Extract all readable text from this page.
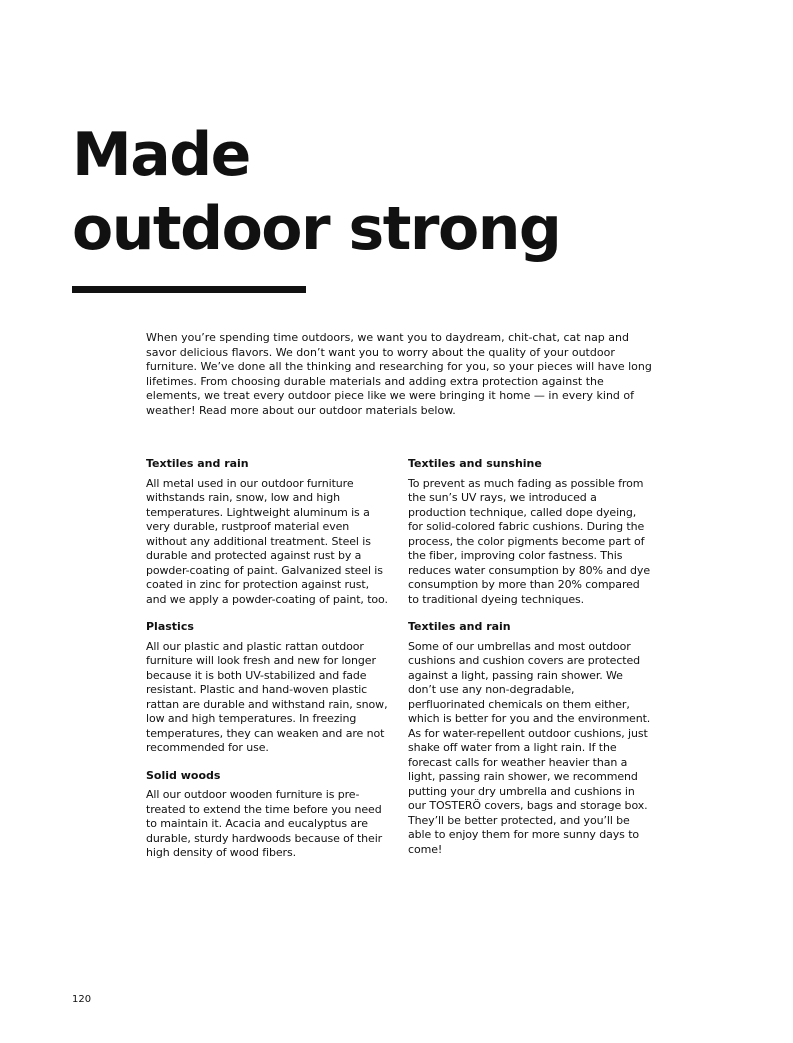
Made
outdoor strong

When you’re spending time outdoors, we want you to daydream, chit-chat, cat nap and savor delicious flavors. We don’t want you to worry about the quality of your outdoor furniture. We’ve done all the thinking and researching for you, so your pieces will have long lifetimes. From choosing durable materials and adding extra protection against the elements, we treat every outdoor piece like we were bringing it home — in every kind of weather! Read more about our outdoor materials below.

Textiles and rain

All metal used in our outdoor furniture withstands rain, snow, low and high temperatures. Lightweight aluminum is a very durable, rustproof material even without any additional treatment. Steel is durable and protected against rust by a powder-coating of paint. Galvanized steel is coated in zinc for protection against rust, and we apply a powder-coating of paint, too.

Plastics

All our plastic and plastic rattan outdoor furniture will look fresh and new for longer because it is both UV-stabilized and fade resistant. Plastic and hand-woven plastic rattan are durable and withstand rain, snow, low and high temperatures. In freezing temperatures, they can weaken and are not recommended for use.

Solid woods

All our outdoor wooden furniture is pre-treated to extend the time before you need to maintain it. Acacia and eucalyptus are durable, sturdy hardwoods because of their high density of wood fibers.

Textiles and sunshine

To prevent as much fading as possible from the sun’s UV rays, we introduced a production technique, called dope dyeing, for solid-colored fabric cushions. During the process, the color pigments become part of the fiber, improving color fastness. This reduces water consumption by 80% and dye consumption by more than 20% compared to traditional dyeing techniques.

Textiles and rain

Some of our umbrellas and most outdoor cushions and cushion covers are protected against a light, passing rain shower. We don’t use any non-degradable, perfluorinated chemicals on them either, which is better for you and the environment. As for water-repellent outdoor cushions, just shake off water from a light rain. If the forecast calls for weather heavier than a light, passing rain shower, we recommend putting your dry umbrella and cushions in our TOSTERÖ covers, bags and storage box. They’ll be better protected, and you’ll be able to enjoy them for more sunny days to come!

120
